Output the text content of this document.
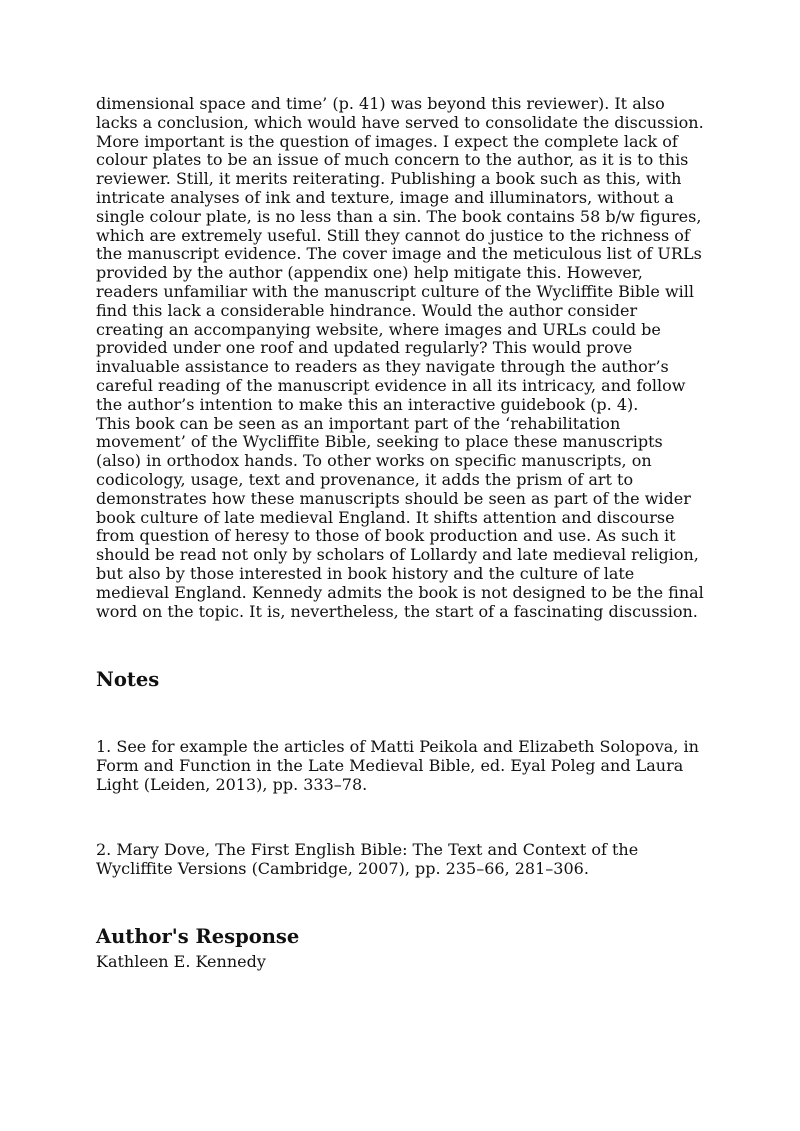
dimensional space and time’ (p. 41) was beyond this reviewer). It also lacks a conclusion, which would have served to consolidate the discussion. More important is the question of images. I expect the complete lack of colour plates to be an issue of much concern to the author, as it is to this reviewer. Still, it merits reiterating. Publishing a book such as this, with intricate analyses of ink and texture, image and illuminators, without a single colour plate, is no less than a sin. The book contains 58 b/w figures, which are extremely useful. Still they cannot do justice to the richness of the manuscript evidence. The cover image and the meticulous list of URLs provided by the author (appendix one) help mitigate this. However, readers unfamiliar with the manuscript culture of the Wycliffite Bible will find this lack a considerable hindrance. Would the author consider creating an accompanying website, where images and URLs could be provided under one roof and updated regularly? This would prove invaluable assistance to readers as they navigate through the author’s careful reading of the manuscript evidence in all its intricacy, and follow the author’s intention to make this an interactive guidebook (p. 4).

This book can be seen as an important part of the ‘rehabilitation movement’ of the Wycliffite Bible, seeking to place these manuscripts (also) in orthodox hands. To other works on specific manuscripts, on codicology, usage, text and provenance, it adds the prism of art to demonstrates how these manuscripts should be seen as part of the wider book culture of late medieval England. It shifts attention and discourse from question of heresy to those of book production and use. As such it should be read not only by scholars of Lollardy and late medieval religion, but also by those interested in book history and the culture of late medieval England. Kennedy admits the book is not designed to be the final word on the topic. It is, nevertheless, the start of a fascinating discussion.

Notes

1. See for example the articles of Matti Peikola and Elizabeth Solopova, in Form and Function in the Late Medieval Bible, ed. Eyal Poleg and Laura Light (Leiden, 2013), pp. 333–78.

2. Mary Dove, The First English Bible: The Text and Context of the Wycliffite Versions (Cambridge, 2007), pp. 235–66, 281–306.

Author's Response

Kathleen E. Kennedy
